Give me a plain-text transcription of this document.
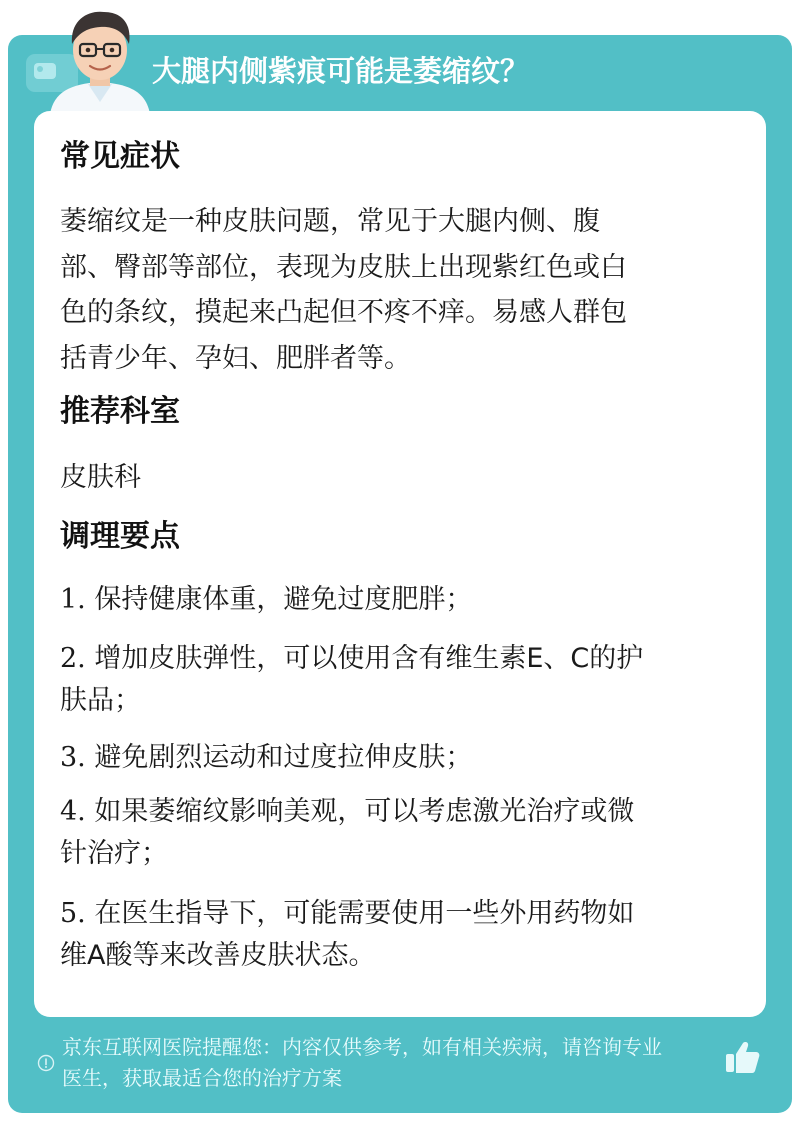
大腿内侧紫痕可能是萎缩纹？
常见症状
萎缩纹是一种皮肤问题，常见于大腿内侧、腹
部、臀部等部位，表现为皮肤上出现紫红色或白
色的条纹，摸起来凸起但不疼不痒。易感人群包
括青少年、孕妇、肥胖者等。
推荐科室
皮肤科
调理要点
1. 保持健康体重，避免过度肥胖；
2. 增加皮肤弹性，可以使用含有维生素E、C的护
肤品；
3. 避免剧烈运动和过度拉伸皮肤；
4. 如果萎缩纹影响美观，可以考虑激光治疗或微
针治疗；
5. 在医生指导下，可能需要使用一些外用药物如
维A酸等来改善皮肤状态。
京东互联网医院提醒您：内容仅供参考，如有相关疾病，请咨询专业
医生，获取最适合您的治疗方案
